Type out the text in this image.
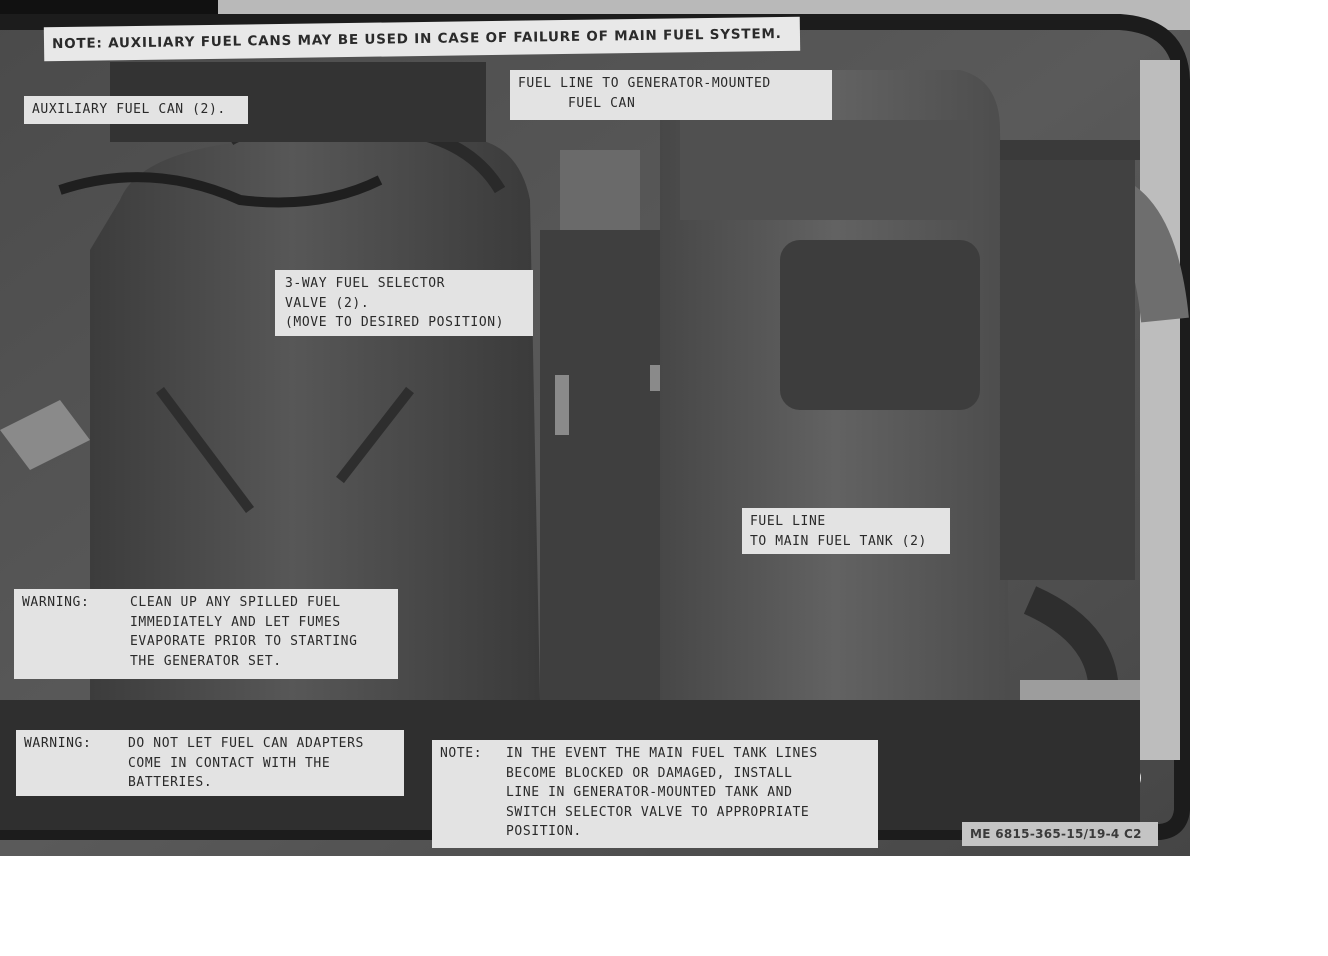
NOTE: AUXILIARY FUEL CANS MAY BE USED IN CASE OF FAILURE OF MAIN FUEL SYSTEM.
AUXILIARY FUEL CAN (2).
FUEL LINE TO GENERATOR-MOUNTED
FUEL CAN
3-WAY FUEL SELECTOR
VALVE (2).
(MOVE TO DESIRED POSITION)
FUEL LINE
TO MAIN FUEL TANK (2)
WARNING:	CLEAN UP ANY SPILLED FUEL
IMMEDIATELY AND LET FUMES
EVAPORATE PRIOR TO STARTING
THE GENERATOR SET.
WARNING:	DO NOT LET FUEL CAN ADAPTERS
COME IN CONTACT WITH THE
BATTERIES.
NOTE: IN THE EVENT THE MAIN FUEL TANK LINES
BECOME BLOCKED OR DAMAGED, INSTALL
LINE IN GENERATOR-MOUNTED TANK AND
SWITCH SELECTOR VALVE TO APPROPRIATE
POSITION.	ME 6815-365-15/19-4 C2
